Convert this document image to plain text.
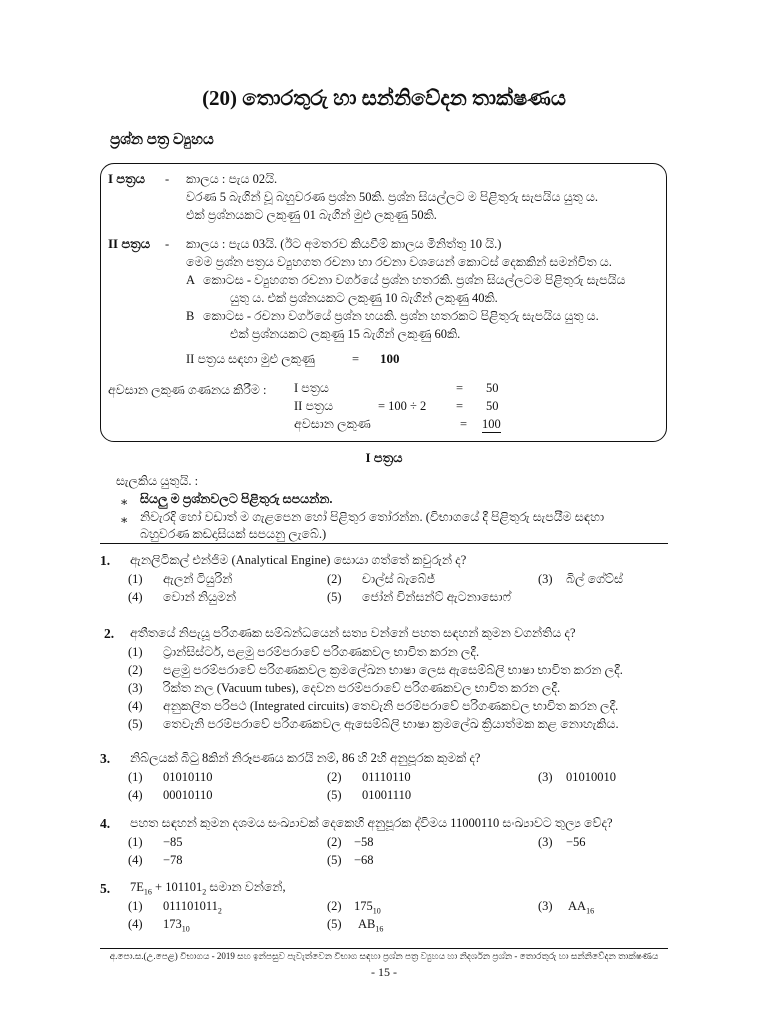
(20) තොරතුරු හා සන්නිවේදන තාක්ෂණය
ප්‍රශ්න පත්‍ර ව්‍යුහය
I පත්‍රය - කාලය : පැය 02යි.
වරණ 5 බැගින් වූ බහුවරණ ප්‍රශ්න 50කි. ප්‍රශ්න සියල්ලට ම පිළිතුරු සැපයිය යුතු ය.
එක් ප්‍රශ්නයකට ලකුණු 01 බැගින් මුළු ලකුණු 50කි.
II පත්‍රය - කාලය : පැය 03යි. (ඊට අමතරව කියවීම් කාලය මිනිත්තු 10 යි.)
මෙම ප්‍රශ්න පත්‍රය ව්‍යුහගත රචනා හා රචනා වශයෙන් කොටස් දෙකකින් සමන්විත ය.
A කොටස - ව්‍යුහගත රචනා වර්ගයේ ප්‍රශ්න හතරකි. ප්‍රශ්න සියල්ලටම පිළිතුරු සැපයිය
යුතු ය. එක් ප්‍රශ්නයකට ලකුණු 10 බැගින් ලකුණු 40කි.
B කොටස - රචනා වර්ගයේ ප්‍රශ්න හයකි. ප්‍රශ්න හතරකට පිළිතුරු සැපයිය යුතු ය.
එක් ප්‍රශ්නයකට ලකුණු 15 බැගින් ලකුණු 60කි.
II පත්‍රය සඳහා මුළු ලකුණු	= 100
අවසාන ලකුණ ගණනය කිරීම : I පත්‍රය	= 50
II පත්‍රය	= 100 ÷ 2 = 50
අවසාන ලකුණ	= 100
I පත්‍රය
සැලකිය යුතුයි. :
∗ සියලු ම ප්‍රශ්නවලට පිළිතුරු සපයන්න.
∗ නිවැරදි හෝ වඩාත් ම ගැළපෙන හෝ පිළිතුර තෝරන්න. (විභාගයේ දී පිළිතුරු සැපයීම සඳහා
බහුවරණ කඩදාසියක් සපයනු ලැබේ.)
1. ඇනලිටිකල් එන්ජිම (Analytical Engine) සොයා ගත්තේ කවුරුන් ද?
(1) ඇලන් ටියුරින්	(2) චාල්ස් බැබේජ්	(3) බිල් ගේට්ස්
(4) වොන් නියුමන්	(5) ජෝන් වින්සන්ට් ඇටනාසොෆ්
2. අතීතයේ නිපැයූ පරිගණක සම්බන්ධයෙන් සත්‍ය වන්නේ පහත සඳහන් කුමන වගන්තිය ද?
(1) ට්‍රාන්සිස්ටර්, පළමු පරම්පරාවේ පරිගණකවල භාවිත කරන ලදී.
(2) පළමු පරම්පරාවේ පරිගණකවල ක්‍රමලේඛන භාෂා ලෙස ඇසෙම්බ්ලි භාෂා භාවිත කරන ලදී.
(3) රික්ත නල (Vacuum tubes), දෙවන පරම්පරාවේ පරිගණකවල භාවිත කරන ලදී.
(4) අනුකලිත පරිපථ (Integrated circuits) තෙවැනි පරම්පරාවේ පරිගණකවල භාවිත කරන ලදී.
(5) තෙවැනි පරම්පරාවේ පරිගණකවල ඇසෙම්බ්ලි භාෂා ක්‍රමලේඛ ක්‍රියාත්මක කළ නොහැකිය.
3. නිබ්ලයක් බිටු 8කින් නිරූපණය කරයි නම්, 86 හි 2හි අනුපූරක කුමක් ද?
(1) 01010110	(2) 01110110	(3) 01010010
(4) 00010110	(5) 01001110
4. පහත සඳහන් කුමන දශමය සංඛ්‍යාවක් දෙකෙහි අනුපූරක ද්විමය 11000110 සංඛ්‍යාවට තුල්‍ය වේද?
(1) −85	(2) −58	(3) −56
(4) −78	(5) −68
5. $7E_{16} + 101101_2$ සමාන වන්නේ,
(1) $011101011_2$	(2) $175_{10}$	(3) $AA_{16}$
(4) $173_{10}$	(5) $AB_{16}$
අ.පො.ස.(උ.පෙළ) විභාගය - 2019 සහ ඉන්පසුව පැවැත්වෙන විභාග සඳහා ප්‍රශ්න පත්‍ර ව්‍යුහය හා නිදර්ශන ප්‍රශ්න - තොරතුරු හා සන්නිවේදන තාක්ෂණය
- 15 -
